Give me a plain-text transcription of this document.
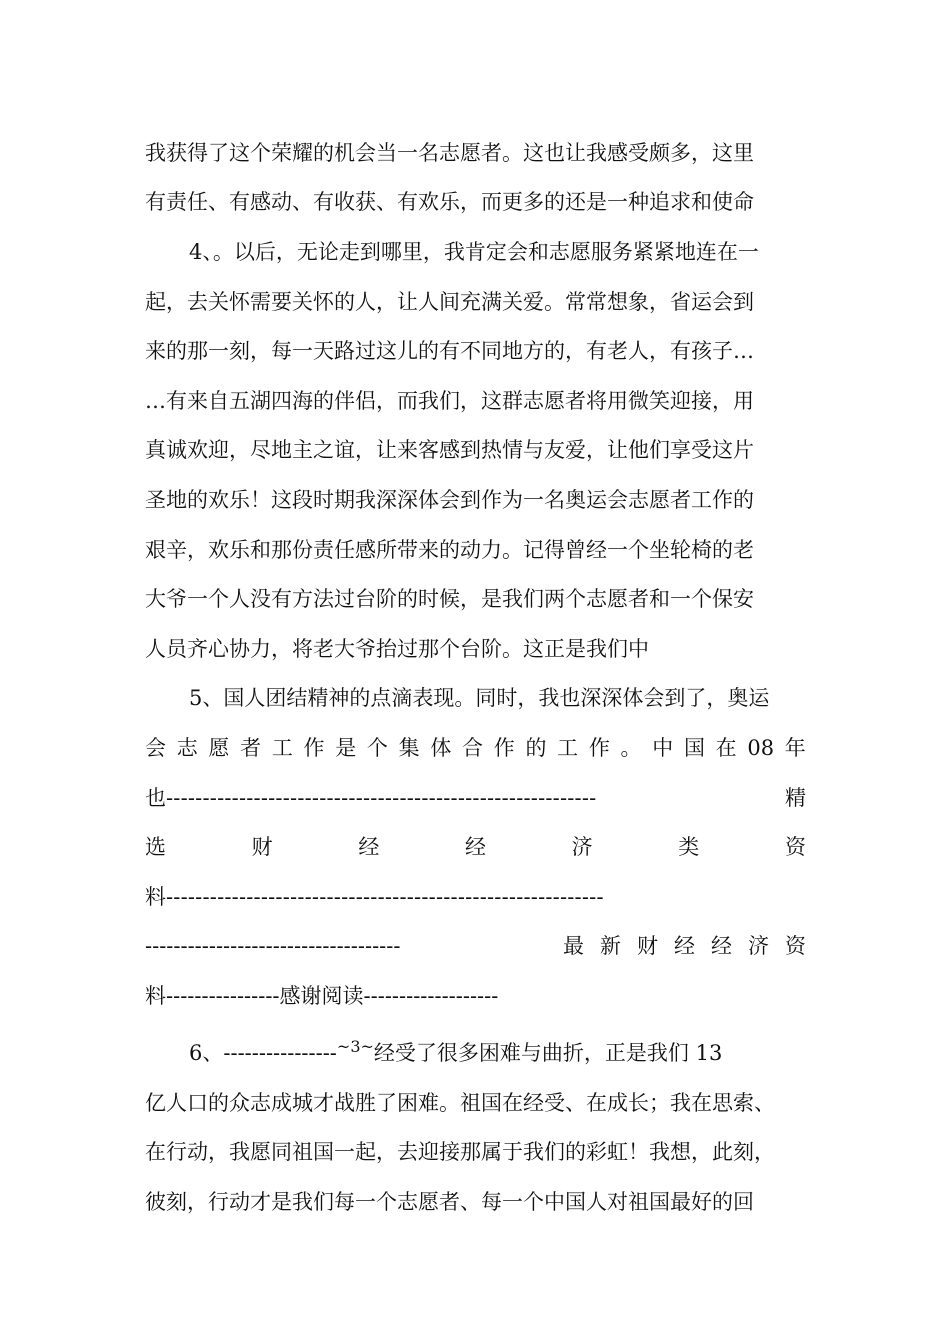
我获得了这个荣耀的机会当一名志愿者。这也让我感受颇多，这里
有责任、有感动、有收获、有欢乐，而更多的还是一种追求和使命
4、。以后，无论走到哪里，我肯定会和志愿服务紧紧地连在一
起，去关怀需要关怀的人，让人间充满关爱。常常想象，省运会到
来的那一刻，每一天路过这儿的有不同地方的，有老人，有孩子…
…有来自五湖四海的伴侣，而我们，这群志愿者将用微笑迎接，用
真诚欢迎，尽地主之谊，让来客感到热情与友爱，让他们享受这片
圣地的欢乐！这段时期我深深体会到作为一名奥运会志愿者工作的
艰辛，欢乐和那份责任感所带来的动力。记得曾经一个坐轮椅的老
大爷一个人没有方法过台阶的时候，是我们两个志愿者和一个保安
人员齐心协力，将老大爷抬过那个台阶。这正是我们中
5、国人团结精神的点滴表现。同时，我也深深体会到了，奥运
会 志 愿 者 工 作 是 个 集 体 合 作 的 工 作 。 中 国 在 08 年
也 -----------------------------------------------------------	精
选	财	经	经	济	类	资
料 ------------------------------------------------------------
------------------------------------	最 新 财 经 经 济 资
料----------------感谢阅读-------------------
6、 ---------------- ~3~ 经受了很多困难与曲折，正是我们 13
亿人口的众志成城才战胜了困难。祖国在经受、在成长；我在思索、
在行动，我愿同祖国一起，去迎接那属于我们的彩虹！我想，此刻，
彼刻，行动才是我们每一个志愿者、每一个中国人对祖国最好的回
